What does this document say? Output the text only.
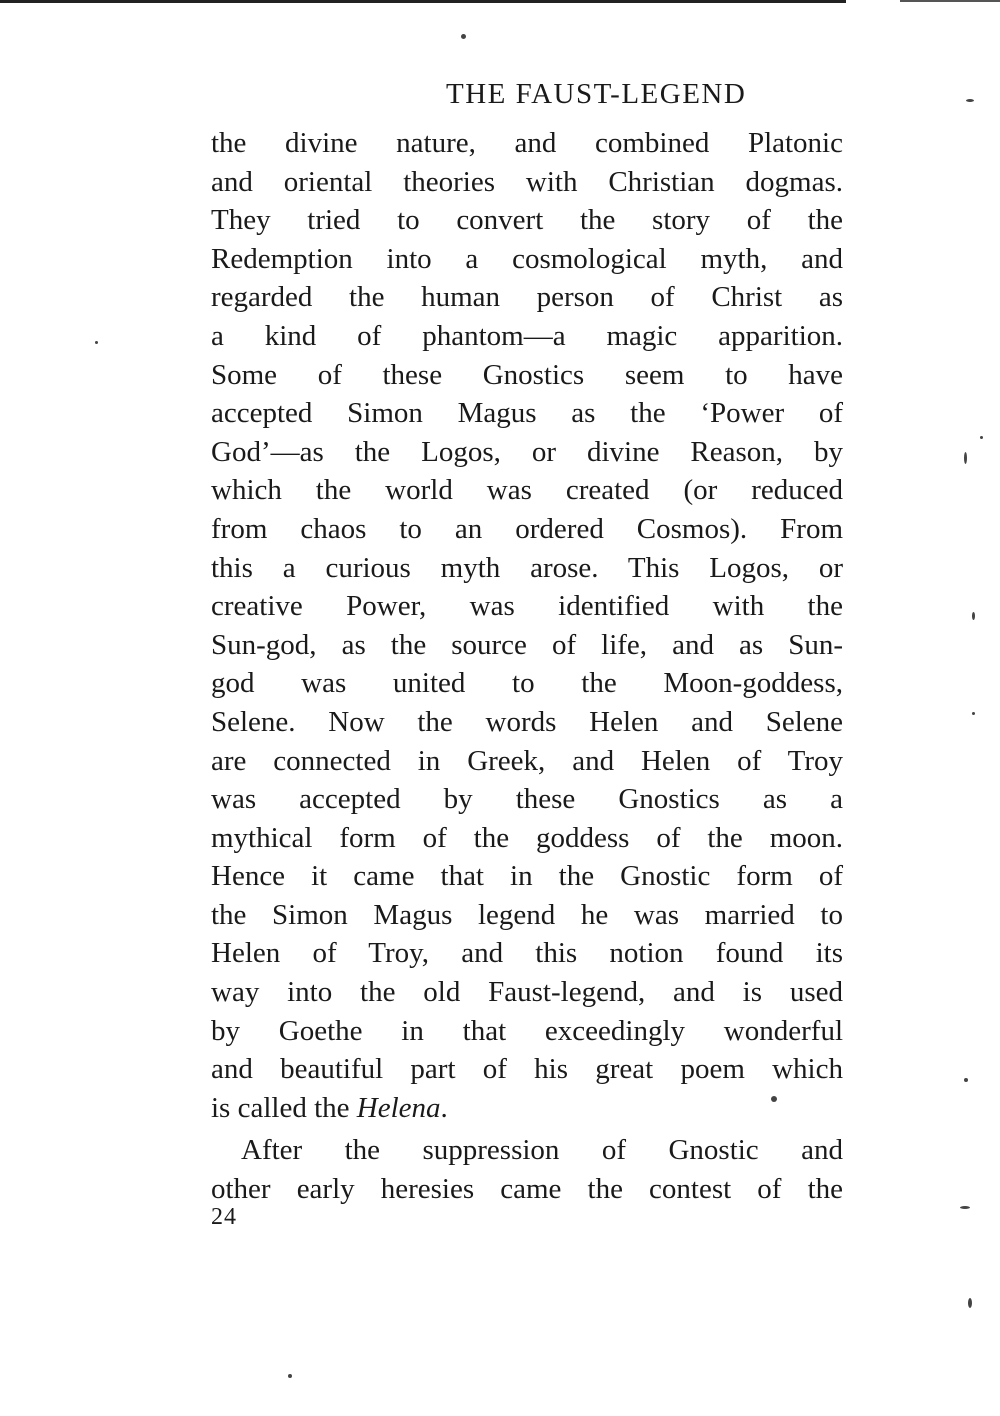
THE FAUST-LEGEND
the divine nature, and combined Platonic
and oriental theories with Christian dogmas.
They tried to convert the story of the
Redemption into a cosmological myth, and
regarded the human person of Christ as
a kind of phantom—a magic apparition.
Some of these Gnostics seem to have
accepted Simon Magus as the ‘Power of
God’—as the Logos, or divine Reason, by
which the world was created (or reduced
from chaos to an ordered Cosmos). From
this a curious myth arose. This Logos, or
creative Power, was identified with the
Sun-god, as the source of life, and as Sun-
god was united to the Moon-goddess,
Selene. Now the words Helen and Selene
are connected in Greek, and Helen of Troy
was accepted by these Gnostics as a
mythical form of the goddess of the moon.
Hence it came that in the Gnostic form of
the Simon Magus legend he was married to
Helen of Troy, and this notion found its
way into the old Faust-legend, and is used
by Goethe in that exceedingly wonderful
and beautiful part of his great poem which
is called the Helena.
After the suppression of Gnostic and
other early heresies came the contest of the
24
